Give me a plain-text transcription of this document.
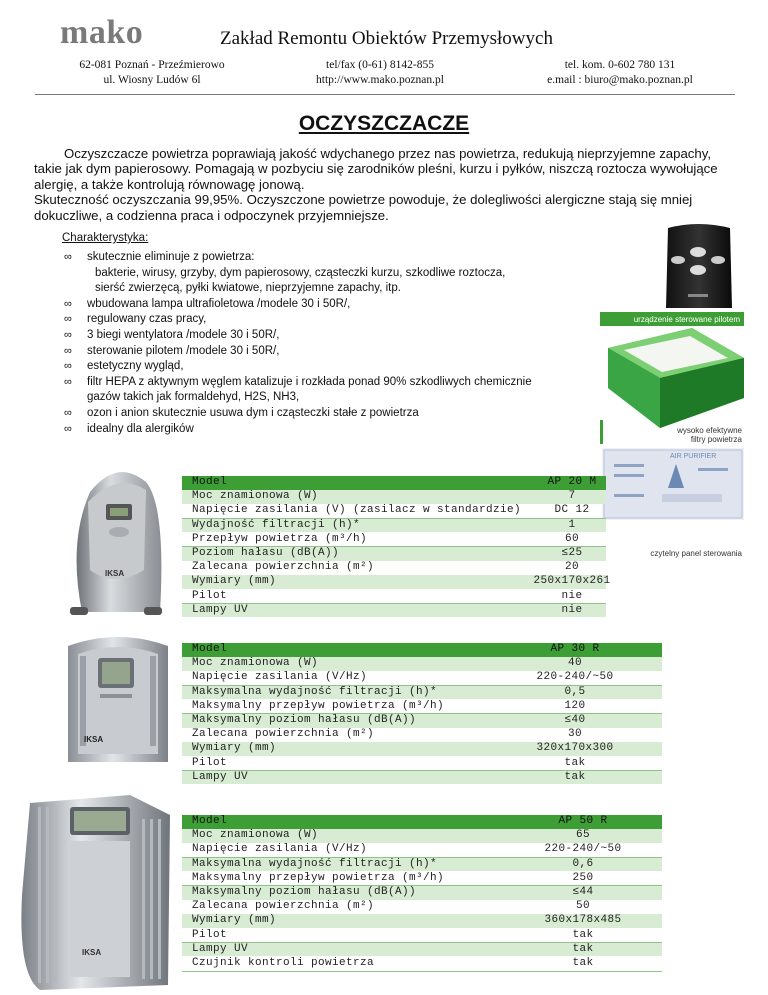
mako	Zakład Remontu Obiektów Przemysłowych
62-081 Poznań - Przeźmierowo
ul. Wiosny Ludów 6l
tel/fax (0-61) 8142-855
http://www.mako.poznan.pl
tel. kom. 0-602 780 131
e.mail : biuro@mako.poznan.pl
OCZYSZCZACZE

Oczyszczacze powietrza poprawiają jakość wdychanego przez nas powietrza, redukują nieprzyjemne zapachy, takie jak dym papierosowy. Pomagają w pozbyciu się zarodników pleśni, kurzu i pyłków, niszczą roztocza wywołujące alergię, a także kontrolują równowagę jonową.

Skuteczność oczyszczania 99,95%. Oczyszczone powietrze powoduje, że dolegliwości alergiczne stają się mniej dokuczliwe, a codzienna praca i odpoczynek przyjemniejsze.

Charakterystyka:
∞ skutecznie eliminuje z powietrza:
bakterie, wirusy, grzyby, dym papierosowy, cząsteczki kurzu, szkodliwe roztocza,
sierść zwierzęcą, pyłki kwiatowe, nieprzyjemne zapachy, itp.
∞ wbudowana lampa ultrafioletowa /modele 30 i 50R/,
∞ regulowany czas pracy,
∞ 3 biegi wentylatora /modele 30 i 50R/,
∞ sterowanie pilotem /modele 30 i 50R/,
∞ estetyczny wygląd,
∞ filtr HEPA z aktywnym węglem katalizuje i rozkłada ponad 90% szkodliwych chemicznie
gazów takich jak formaldehyd, H2S, NH3,
∞ ozon i anion skutecznie usuwa dym i cząsteczki stałe z powietrza
∞ idealny dla alergików
urządzenie sterowane pilotem
wysoko efektywne
filtry powietrza
AIR PURIFIER
czytelny panel sterowania
IKSA
IKSA
IKSA
Model	AP 20 M
Moc znamionowa (W)	7
Napięcie zasilania (V) (zasilacz w standardzie)	DC 12
Wydajność filtracji (h)*	1
Przepływ powietrza (m³/h)	60
Poziom hałasu (dB(A))	≤25
Zalecana powierzchnia (m²)	20
Wymiary (mm)	250x170x261
Pilot	nie
Lampy UV	nie
Model	AP 30 R
Moc znamionowa (W)	40
Napięcie zasilania (V/Hz)	220-240/~50
Maksymalna wydajność filtracji (h)*	0,5
Maksymalny przepływ powietrza (m³/h)	120
Maksymalny poziom hałasu (dB(A))	≤40
Zalecana powierzchnia (m²)	30
Wymiary (mm)	320x170x300
Pilot	tak
Lampy UV	tak
Model	AP 50 R
Moc znamionowa (W)	65
Napięcie zasilania (V/Hz)	220-240/~50
Maksymalna wydajność filtracji (h)*	0,6
Maksymalny przepływ powietrza (m³/h)	250
Maksymalny poziom hałasu (dB(A))	≤44
Zalecana powierzchnia (m²)	50
Wymiary (mm)	360x178x485
Pilot	tak
Lampy UV	tak
Czujnik kontroli powietrza	tak
